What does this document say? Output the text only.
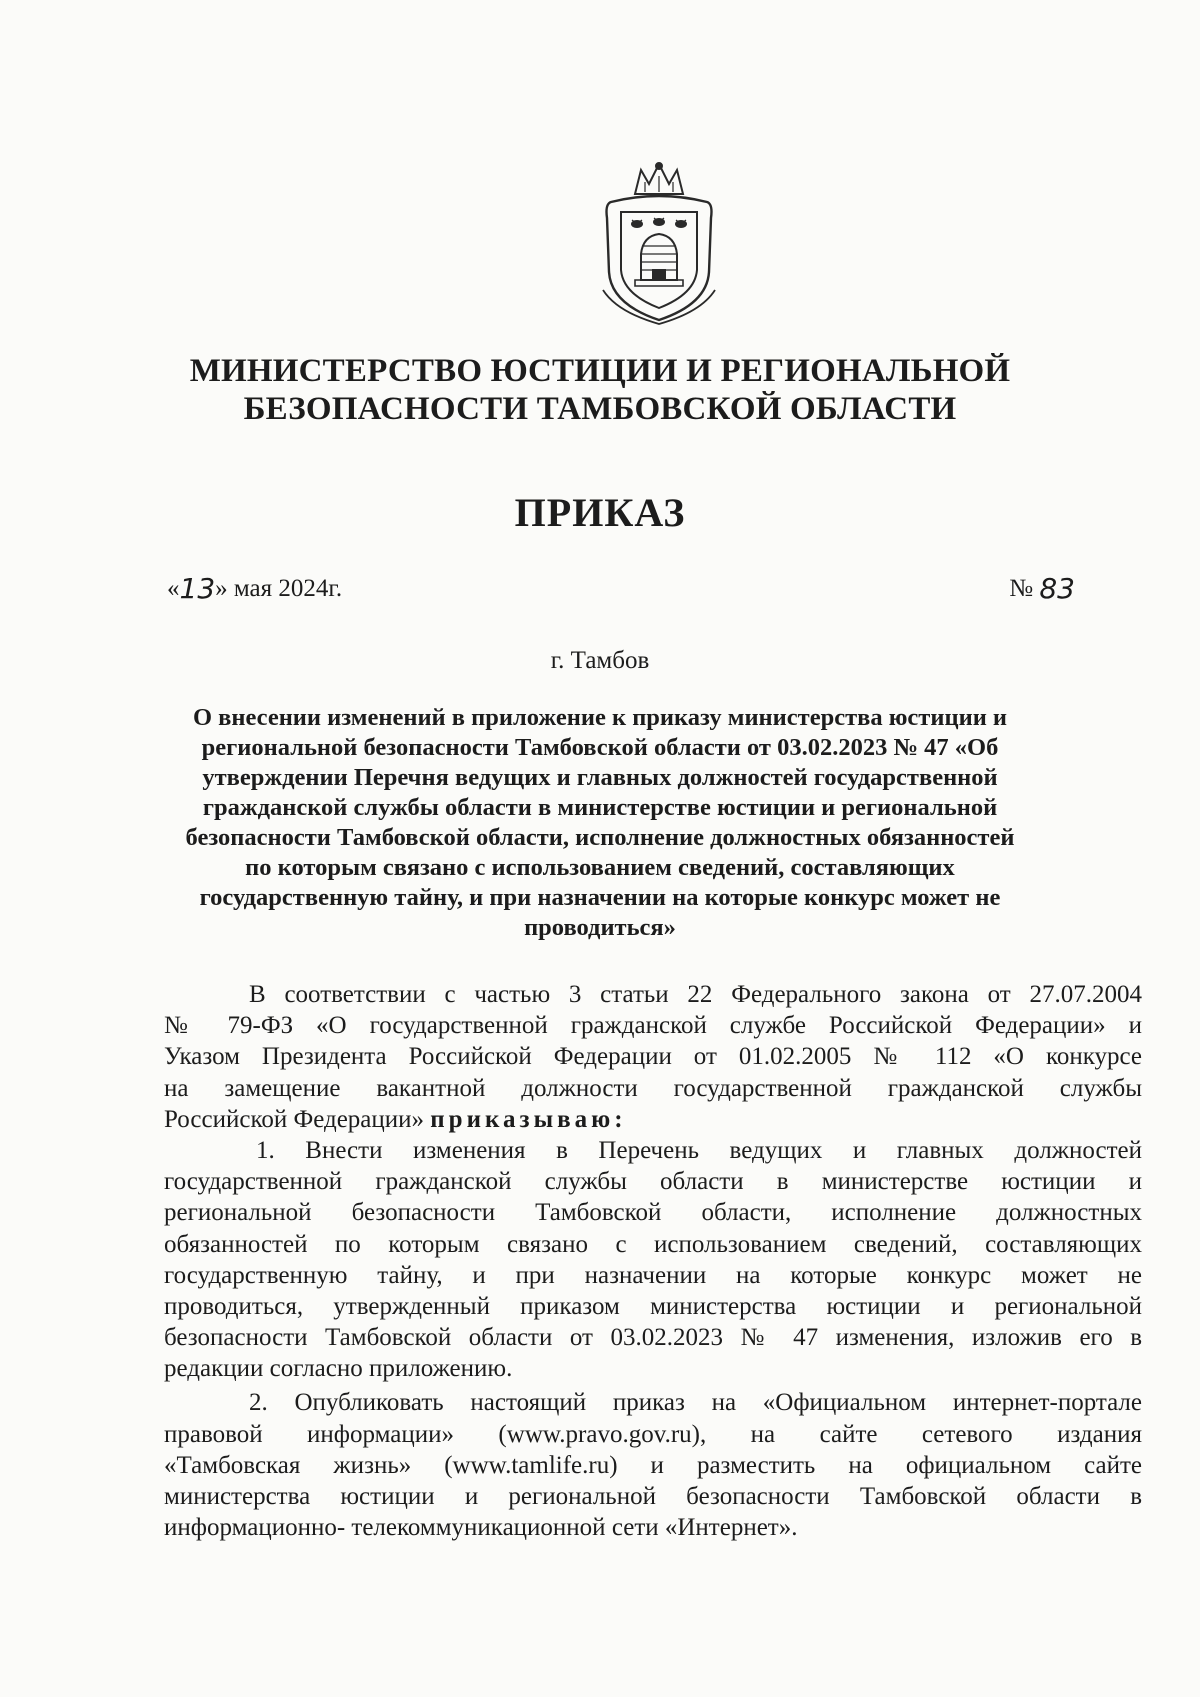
МИНИСТЕРСТВО ЮСТИЦИИ И РЕГИОНАЛЬНОЙ
БЕЗОПАСНОСТИ ТАМБОВСКОЙ ОБЛАСТИ
ПРИКАЗ
«13» мая 2024г.	№ 83
г. Тамбов
О внесении изменений в приложение к приказу министерства юстиции и
региональной безопасности Тамбовской области от 03.02.2023 № 47 «Об
утверждении Перечня ведущих и главных должностей государственной
гражданской службы области в министерстве юстиции и региональной
безопасности Тамбовской области, исполнение должностных обязанностей
по которым связано с использованием сведений, составляющих
государственную тайну, и при назначении на которые конкурс может не
проводиться»
В соответствии с частью 3 статьи 22 Федерального закона от 27.07.2004
№ 79-ФЗ «О государственной гражданской службе Российской Федерации» и
Указом Президента Российской Федерации от 01.02.2005 № 112 «О конкурсе
на замещение вакантной должности государственной гражданской службы
Российской Федерации» приказываю:
1. Внести изменения в Перечень ведущих и главных должностей
государственной гражданской службы области в министерстве юстиции и
региональной безопасности Тамбовской области, исполнение должностных
обязанностей по которым связано с использованием сведений, составляющих
государственную тайну, и при назначении на которые конкурс может не
проводиться, утвержденный приказом министерства юстиции и региональной
безопасности Тамбовской области от 03.02.2023 № 47 изменения, изложив его в
редакции согласно приложению.
2. Опубликовать настоящий приказ на «Официальном интернет-портале
правовой информации» (www.pravo.gov.ru), на сайте сетевого издания
«Тамбовская жизнь» (www.tamlife.ru) и разместить на официальном сайте
министерства юстиции и региональной безопасности Тамбовской области в
информационно- телекоммуникационной сети «Интернет».
